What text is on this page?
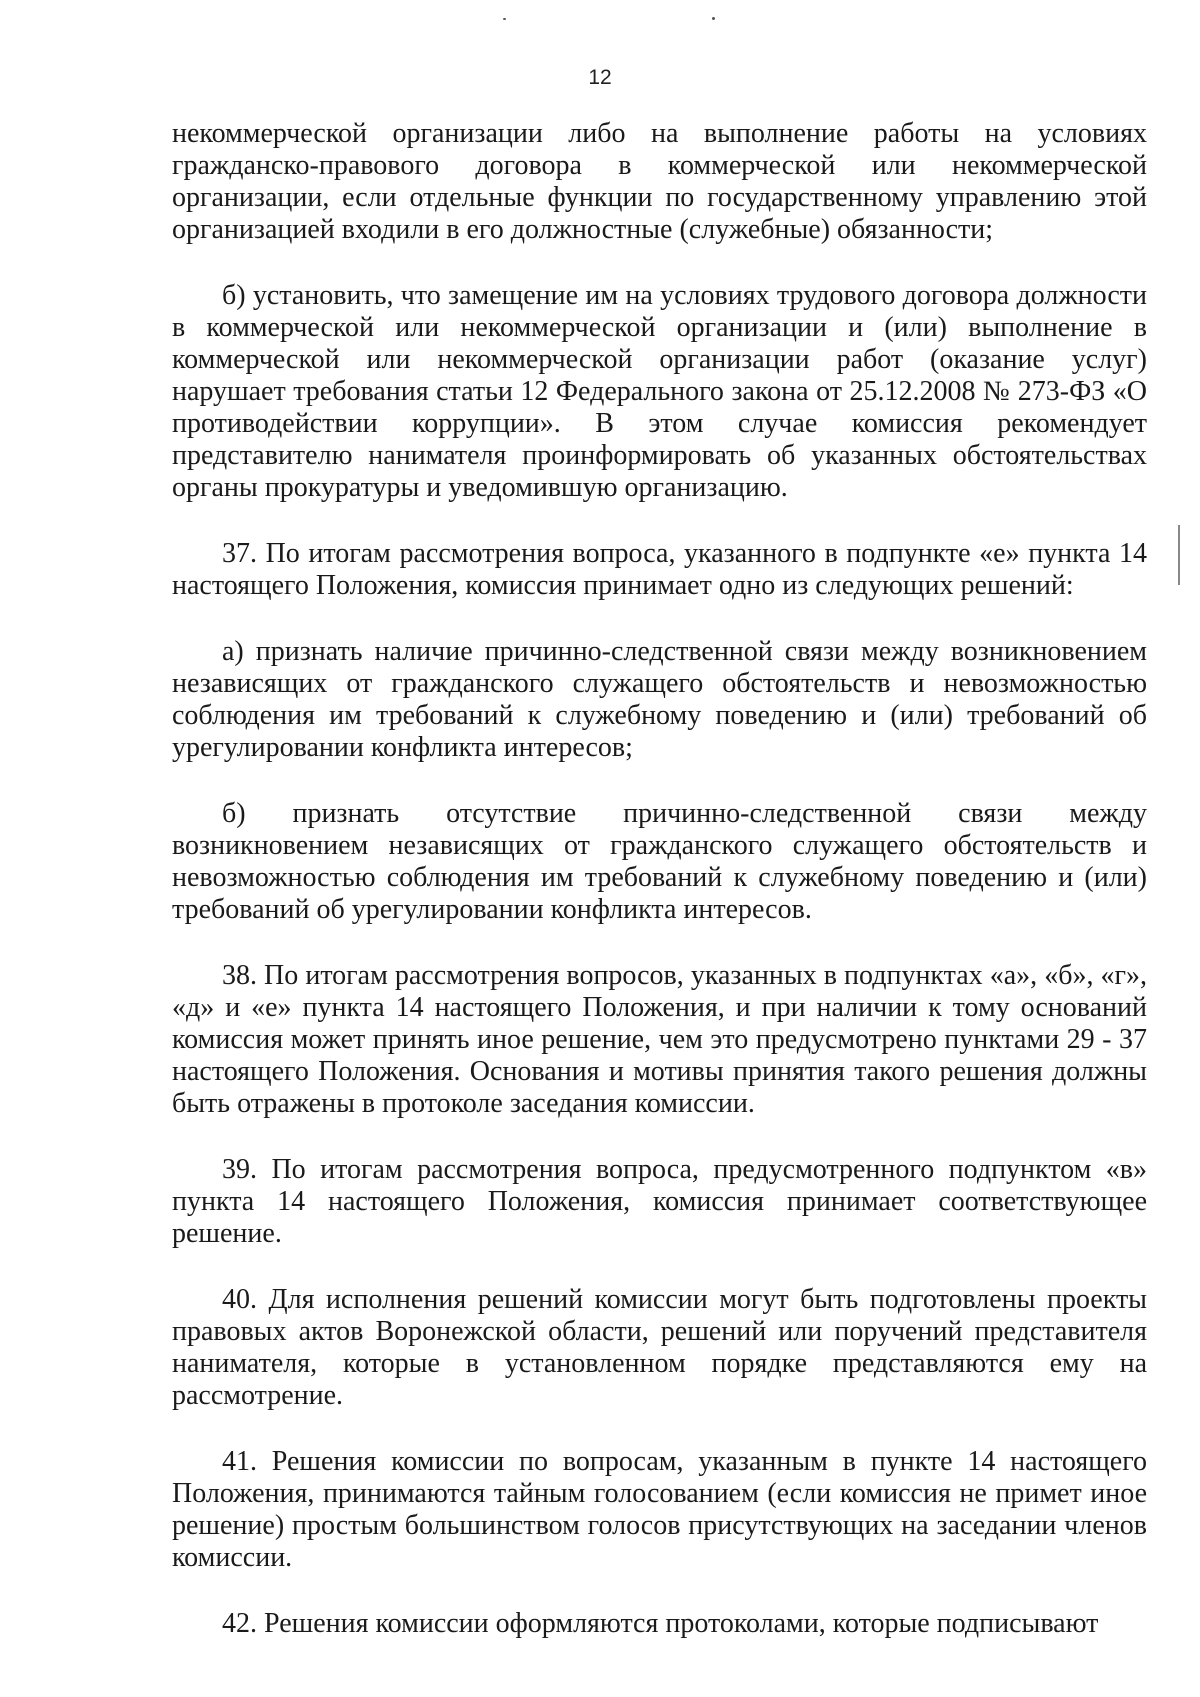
12

некоммерческой организации либо на выполнение работы на условиях гражданско-правового договора в коммерческой или некоммерческой организации, если отдельные функции по государственному управлению этой организацией входили в его должностные (служебные) обязанности;

б) установить, что замещение им на условиях трудового договора должности в коммерческой или некоммерческой организации и (или) выполнение в коммерческой или некоммерческой организации работ (оказание услуг) нарушает требования статьи 12 Федерального закона от 25.12.2008 № 273-ФЗ «О противодействии коррупции». В этом случае комиссия рекомендует представителю нанимателя проинформировать об указанных обстоятельствах органы прокуратуры и уведомившую организацию.

37. По итогам рассмотрения вопроса, указанного в подпункте «е» пункта 14 настоящего Положения, комиссия принимает одно из следующих решений:

а) признать наличие причинно-следственной связи между возникновением независящих от гражданского служащего обстоятельств и невозможностью соблюдения им требований к служебному поведению и (или) требований об урегулировании конфликта интересов;

б) признать отсутствие причинно-следственной связи между возникновением независящих от гражданского служащего обстоятельств и невозможностью соблюдения им требований к служебному поведению и (или) требований об урегулировании конфликта интересов.

38. По итогам рассмотрения вопросов, указанных в подпунктах «а», «б», «г», «д» и «е» пункта 14 настоящего Положения, и при наличии к тому оснований комиссия может принять иное решение, чем это предусмотрено пунктами 29 - 37 настоящего Положения. Основания и мотивы принятия такого решения должны быть отражены в протоколе заседания комиссии.

39. По итогам рассмотрения вопроса, предусмотренного подпунктом «в» пункта 14 настоящего Положения, комиссия принимает соответствующее решение.

40. Для исполнения решений комиссии могут быть подготовлены проекты правовых актов Воронежской области, решений или поручений представителя нанимателя, которые в установленном порядке представляются ему на рассмотрение.

41. Решения комиссии по вопросам, указанным в пункте 14 настоящего Положения, принимаются тайным голосованием (если комиссия не примет иное решение) простым большинством голосов присутствующих на заседании членов комиссии.

42. Решения комиссии оформляются протоколами, которые подписывают
